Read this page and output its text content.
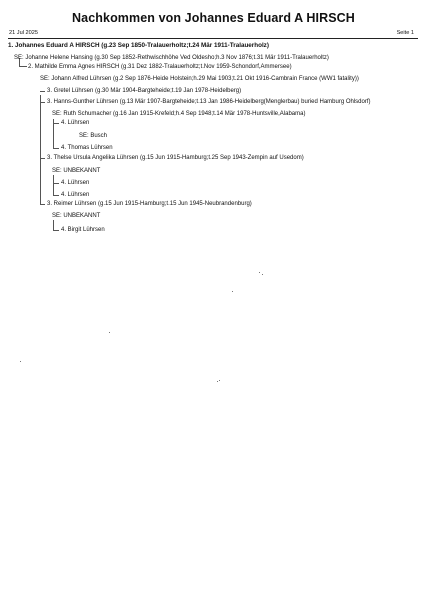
Nachkommen von Johannes Eduard A HIRSCH
21 Jul 2025	Seite 1
1. Johannes Eduard A HIRSCH (g.23 Sep 1850-Tralauerholtz;t.24 Mär 1911-Tralauerholz)
SE: Johanne Helene Hansing (g.30 Sep 1852-Rethwischhöhe Ved Oldesho;h.3 Nov 1876;t.31 Mär 1911-Tralauerholtz)
2. Mathilde Emma Agnes HIRSCH (g.31 Dez 1882-Tralauerholtz;t.Nov 1959-Schondorf,Ammersee)
SE: Johann Alfred Lührsen (g.2 Sep 1876-Heide Holstein;h.29 Mai 1903;t.21 Okt 1916-Cambrain France (WW1 fatality))
3. Gretel Lührsen (g.30 Mär 1904-Bargteheide;t.19 Jan 1978-Heidelberg)
3. Hanns-Gunther Lührsen (g.13 Mär 1907-Bargteheide;t.13 Jan 1986-Heidelberg(Menglerbau) buried Hamburg Ohlsdorf)
SE: Ruth Schumacher (g.16 Jan 1915-Krefeld;h.4 Sep 1948;t.14 Mär 1978-Huntsville,Alabama)
4. Lührsen
SE: Busch
4. Thomas Lührsen
3. Thelse Ursula Angelika Lührsen (g.15 Jun 1915-Hamburg;t.25 Sep 1943-Zempin auf Usedom)
SE: UNBEKANNT
4. Lührsen
4. Lührsen
3. Reimer Lührsen (g.15 Jun 1915-Hamburg;t.15 Jun 1945-Neubrandenburg)
SE: UNBEKANNT
4. Birgit Lührsen
